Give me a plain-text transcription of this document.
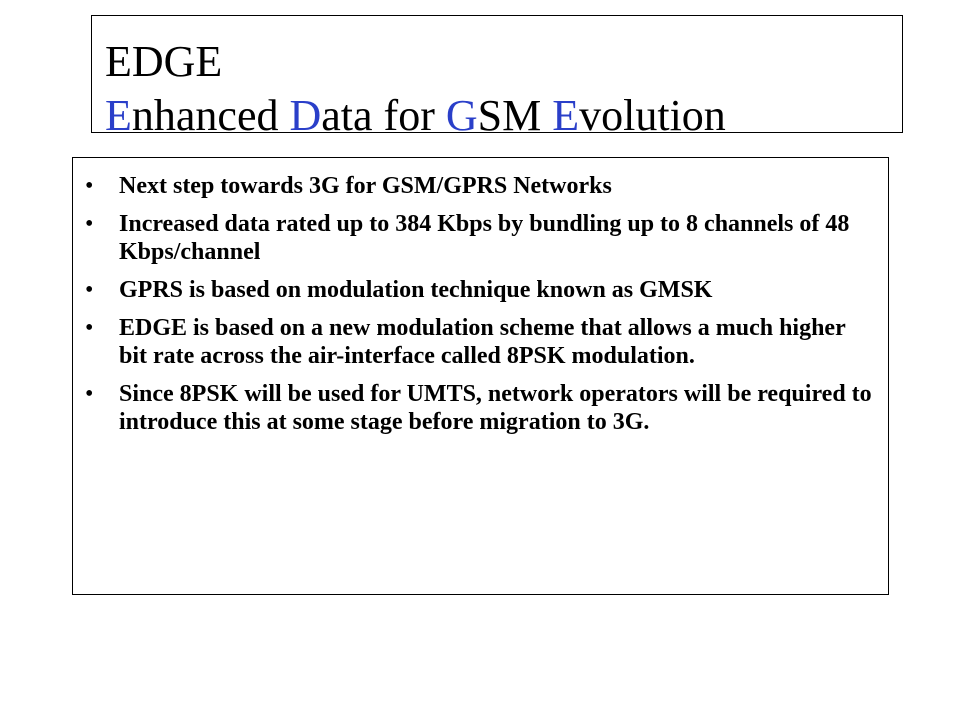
EDGE
Enhanced Data for GSM Evolution
• Next step towards 3G for GSM/GPRS Networks
• Increased data rated up to 384 Kbps by bundling up to 8 channels of 48 Kbps/channel
• GPRS is based on modulation technique known as GMSK
• EDGE is based on a new modulation scheme that allows a much higher bit rate across the air-interface called 8PSK modulation.
• Since 8PSK will be used for UMTS, network operators will be required to introduce this at some stage before migration to 3G.
